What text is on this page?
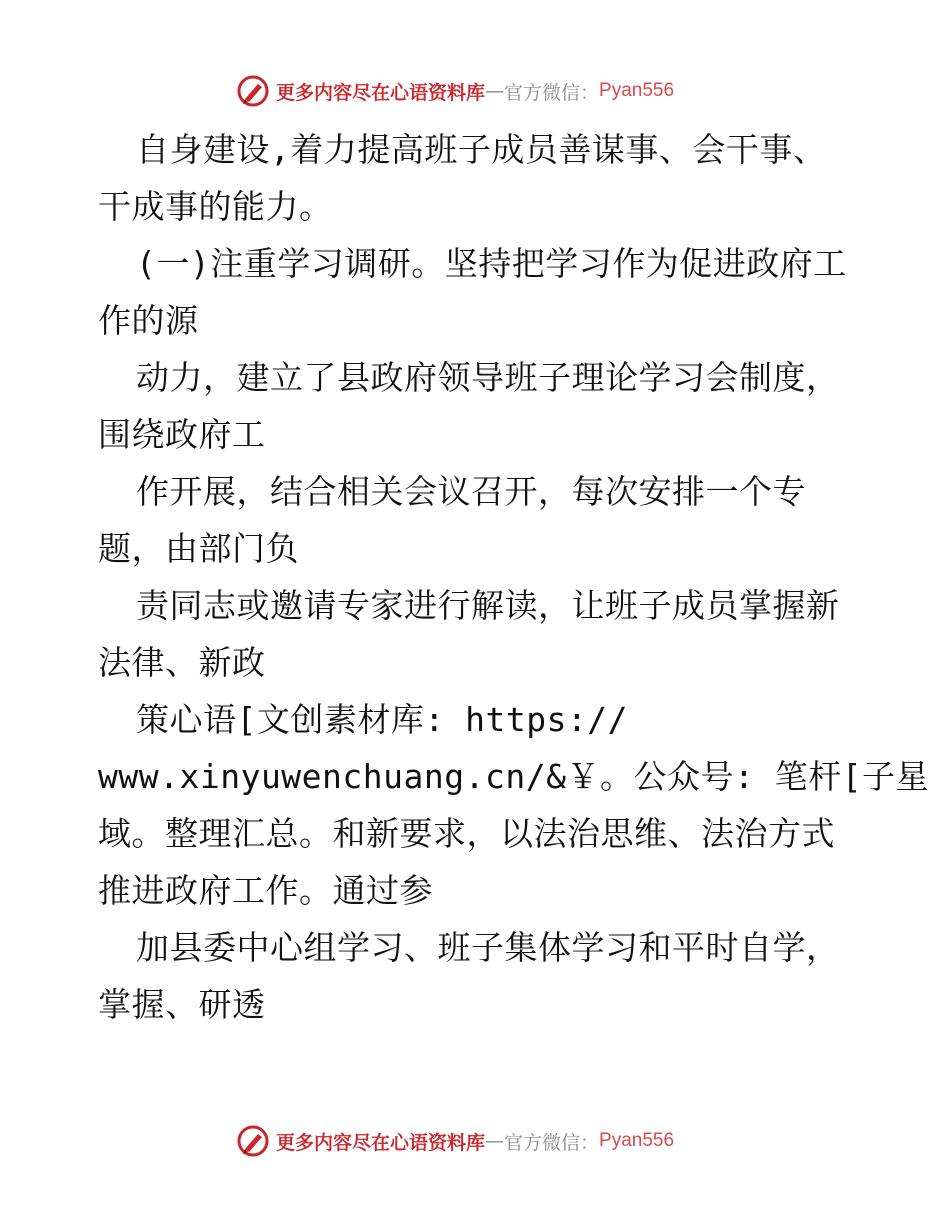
更多内容尽在心语资料库 — 官方微信： Pyan556

自身建设,着力提高班子成员善谋事、会干事、

干成事的能力。

(一)注重学习调研。坚持把学习作为促进政府工

作的源

动力，建立了县政府领导班子理论学习会制度，

围绕政府工

作开展，结合相关会议召开，每次安排一个专

题，由部门负

责同志或邀请专家进行解读，让班子成员掌握新

法律、新政

策心语[文创素材库: https://

www.xinyuwenchuang.cn/&￥。公众号: 笔杆[子星

域。整理汇总。和新要求，以法治思维、法治方式

推进政府工作。通过参

加县委中心组学习、班子集体学习和平时自学，

掌握、研透

更多内容尽在心语资料库 — 官方微信： Pyan556
